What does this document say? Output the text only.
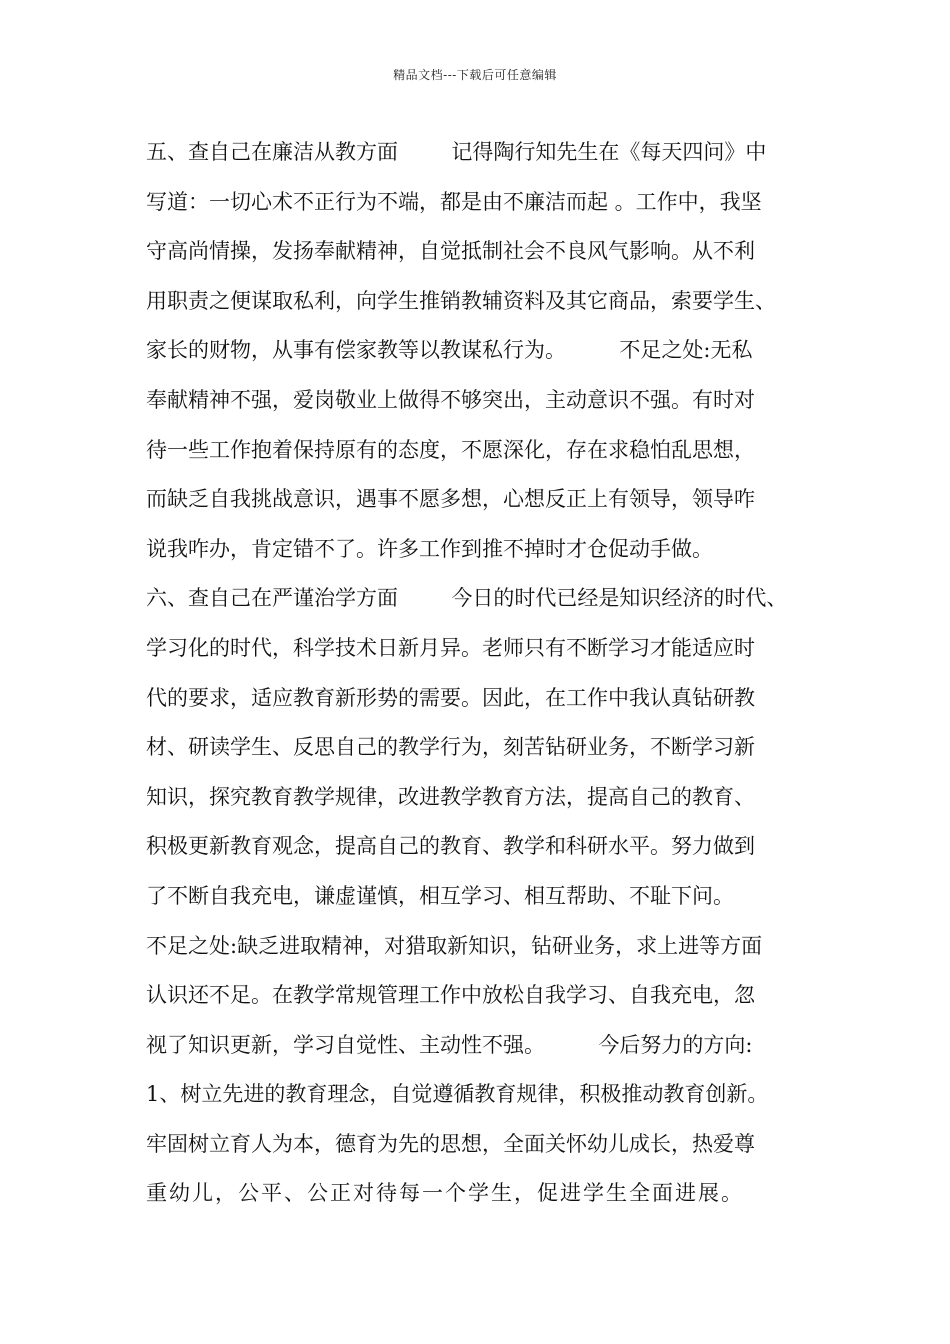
精品文档---下载后可任意编辑
五、查自己在廉洁从教方面        记得陶行知先生在《每天四问》中
写道：一切心术不正行为不端，都是由不廉洁而起 。工作中，我坚
守高尚情操，发扬奉献精神，自觉抵制社会不良风气影响。从不利
用职责之便谋取私利，向学生推销教辅资料及其它商品，索要学生、
家长的财物，从事有偿家教等以教谋私行为。        不足之处:无私
奉献精神不强，爱岗敬业上做得不够突出，主动意识不强。有时对
待一些工作抱着保持原有的态度，不愿深化，存在求稳怕乱思想，
而缺乏自我挑战意识，遇事不愿多想，心想反正上有领导，领导咋
说我咋办，肯定错不了。许多工作到推不掉时才仓促动手做。
六、查自己在严谨治学方面        今日的时代已经是知识经济的时代、
学习化的时代，科学技术日新月异。老师只有不断学习才能适应时
代的要求，适应教育新形势的需要。因此，在工作中我认真钻研教
材、研读学生、反思自己的教学行为，刻苦钻研业务，不断学习新
知识，探究教育教学规律，改进教学教育方法，提高自己的教育、
积极更新教育观念，提高自己的教育、教学和科研水平。努力做到
了不断自我充电，谦虚谨慎，相互学习、相互帮助、不耻下问。
不足之处:缺乏进取精神，对猎取新知识，钻研业务，求上进等方面
认识还不足。在教学常规管理工作中放松自我学习、自我充电，忽
视了知识更新，学习自觉性、主动性不强。        今后努力的方向:
1、树立先进的教育理念，自觉遵循教育规律，积极推动教育创新。
牢固树立育人为本，德育为先的思想，全面关怀幼儿成长，热爱尊
重幼儿，公平、公正对待每一个学生，促进学生全面进展。
